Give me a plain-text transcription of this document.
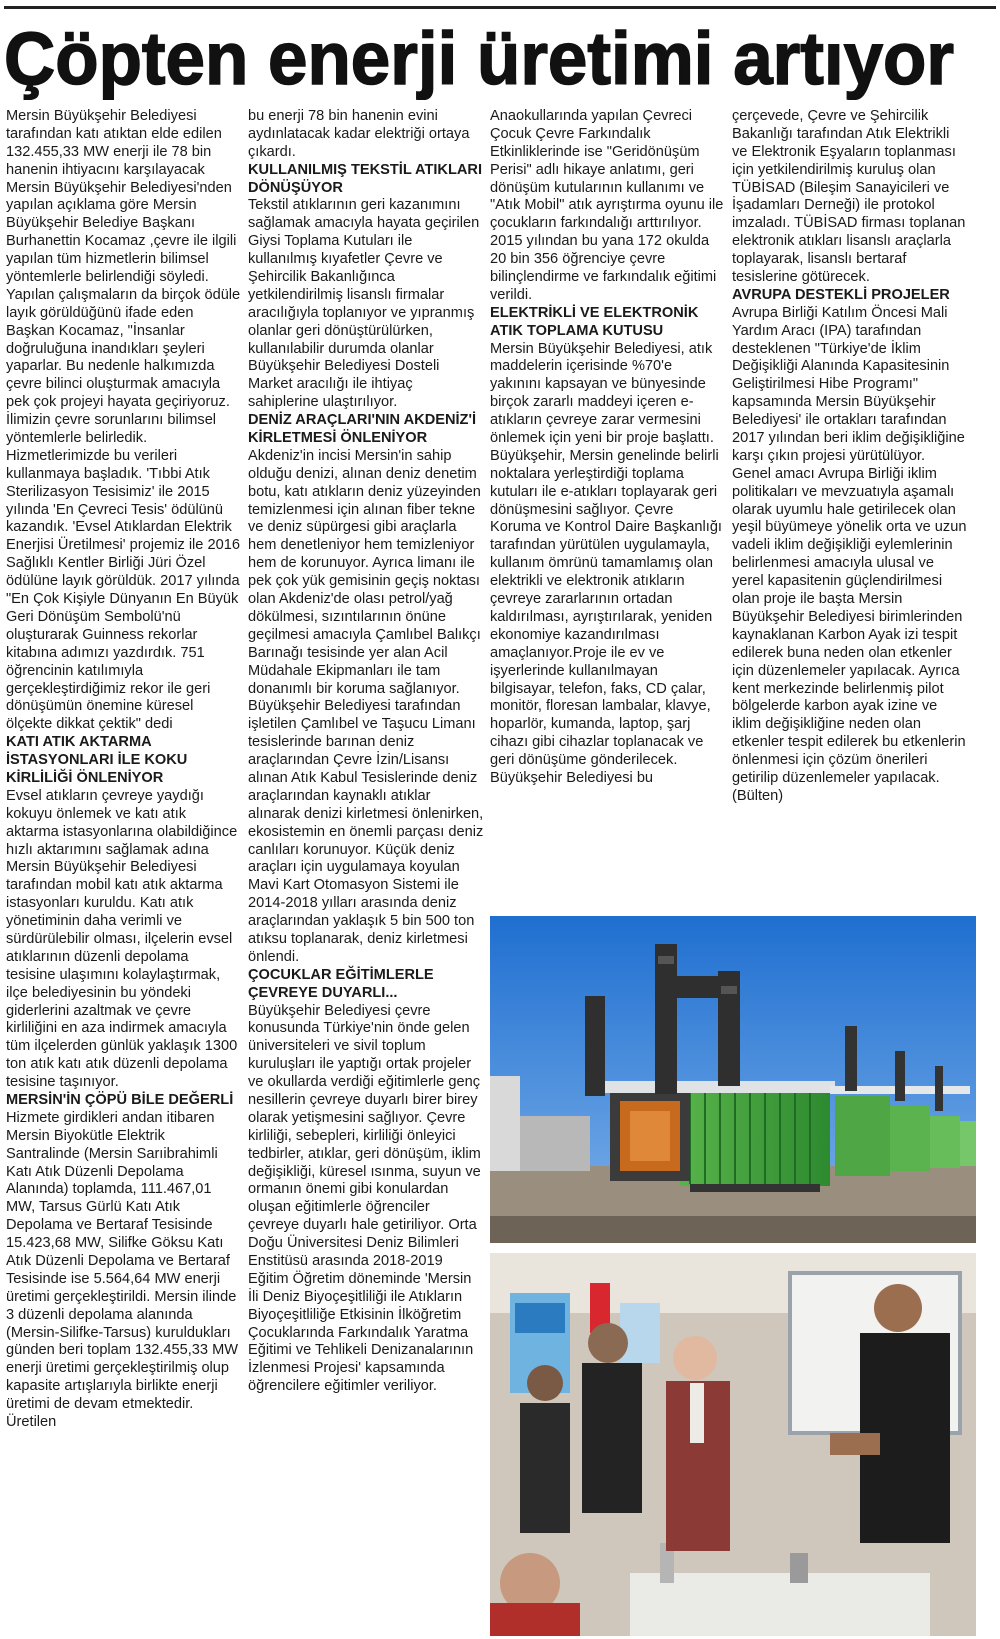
Çöpten enerji üretimi artıyor

Mersin Büyükşehir Belediyesi tarafından katı atıktan elde edilen 132.455,33 MW enerji ile 78 bin hanenin ihtiyacını karşılayacak Mersin Büyükşehir Belediyesi'nden yapılan açıklama göre Mersin Büyükşehir Belediye Başkanı Burhanettin Kocamaz ,çevre ile ilgili yapılan tüm hizmetlerin bilimsel yöntemlerle belirlendiği söyledi. Yapılan çalışmaların da birçok ödüle layık görüldüğünü ifade eden Başkan Kocamaz, "İnsanlar doğruluğuna inandıkları şeyleri yaparlar. Bu nedenle halkımızda çevre bilinci oluşturmak amacıyla pek çok projeyi hayata geçiriyoruz. İlimizin çevre sorunlarını bilimsel yöntemlerle belirledik. Hizmetlerimizde bu verileri kullanmaya başladık. 'Tıbbi Atık Sterilizasyon Tesisimiz' ile 2015 yılında 'En Çevreci Tesis' ödülünü kazandık. 'Evsel Atıklardan Elektrik Enerjisi Üretilmesi' projemiz ile 2016 Sağlıklı Kentler Birliği Jüri Özel ödülüne layık görüldük. 2017 yılında "En Çok Kişiyle Dünyanın En Büyük Geri Dönüşüm Sembolü'nü oluşturarak Guinness rekorlar kitabına adımızı yazdırdık. 751 öğrencinin katılımıyla gerçekleştirdiğimiz rekor ile geri dönüşümün önemine küresel ölçekte dikkat çektik" dedi

KATI ATIK AKTARMA İSTASYONLARI İLE KOKU KİRLİLİĞİ ÖNLENİYOR

Evsel atıkların çevreye yaydığı kokuyu önlemek ve katı atık aktarma istasyonlarına olabildiğince hızlı aktarımını sağlamak adına Mersin Büyükşehir Belediyesi tarafından mobil katı atık aktarma istasyonları kuruldu. Katı atık yönetiminin daha verimli ve sürdürülebilir olması, ilçelerin evsel atıklarının düzenli depolama tesisine ulaşımını kolaylaştırmak, ilçe belediyesinin bu yöndeki giderlerini azaltmak ve çevre kirliliğini en aza indirmek amacıyla tüm ilçelerden günlük yaklaşık 1300 ton atık katı atık düzenli depolama tesisine taşınıyor.

MERSİN'İN ÇÖPÜ BİLE DEĞERLİ

Hizmete girdikleri andan itibaren Mersin Biyokütle Elektrik Santralinde (Mersin Sarıibrahimli Katı Atık Düzenli Depolama Alanında) toplamda, 111.467,01 MW, Tarsus Gürlü Katı Atık Depolama ve Bertaraf Tesisinde 15.423,68 MW, Silifke Göksu Katı Atık Düzenli Depolama ve Bertaraf Tesisinde ise 5.564,64 MW enerji üretimi gerçekleştirildi. Mersin ilinde 3 düzenli depolama alanında (Mersin-Silifke-Tarsus) kuruldukları günden beri toplam 132.455,33 MW enerji üretimi gerçekleştirilmiş olup kapasite artışlarıyla birlikte enerji üretimi de devam etmektedir. Üretilen

bu enerji 78 bin hanenin evini aydınlatacak kadar elektriği ortaya çıkardı.

KULLANILMIŞ TEKSTİL ATIKLARI DÖNÜŞÜYOR

Tekstil atıklarının geri kazanımını sağlamak amacıyla hayata geçirilen Giysi Toplama Kutuları ile kullanılmış kıyafetler Çevre ve Şehircilik Bakanlığınca yetkilendirilmiş lisanslı firmalar aracılığıyla toplanıyor ve yıpranmış olanlar geri dönüştürülürken, kullanılabilir durumda olanlar Büyükşehir Belediyesi Dosteli Market aracılığı ile ihtiyaç sahiplerine ulaştırılıyor.

DENİZ ARAÇLARI'NIN AKDENİZ'İ KİRLETMESİ ÖNLENİYOR

Akdeniz'in incisi Mersin'in sahip olduğu denizi, alınan deniz denetim botu, katı atıkların deniz yüzeyinden temizlenmesi için alınan fiber tekne ve deniz süpürgesi gibi araçlarla hem denetleniyor hem temizleniyor hem de korunuyor. Ayrıca limanı ile pek çok yük gemisinin geçiş noktası olan Akdeniz'de olası petrol/yağ dökülmesi, sızıntılarının önüne geçilmesi amacıyla Çamlıbel Balıkçı Barınağı tesisinde yer alan Acil Müdahale Ekipmanları ile tam donanımlı bir koruma sağlanıyor. Büyükşehir Belediyesi tarafından işletilen Çamlıbel ve Taşucu Limanı tesislerinde barınan deniz araçlarından Çevre İzin/Lisansı alınan Atık Kabul Tesislerinde deniz araçlarından kaynaklı atıklar alınarak denizi kirletmesi önlenirken, ekosistemin en önemli parçası deniz canlıları korunuyor. Küçük deniz araçları için uygulamaya koyulan Mavi Kart Otomasyon Sistemi ile 2014-2018 yılları arasında deniz araçlarından yaklaşık 5 bin 500 ton atıksu toplanarak, deniz kirletmesi önlendi.

ÇOCUKLAR EĞİTİMLERLE ÇEVREYE DUYARLI...

Büyükşehir Belediyesi çevre konusunda Türkiye'nin önde gelen üniversiteleri ve sivil toplum kuruluşları ile yaptığı ortak projeler ve okullarda verdiği eğitimlerle genç nesillerin çevreye duyarlı birer birey olarak yetişmesini sağlıyor. Çevre kirliliği, sebepleri, kirliliği önleyici tedbirler, atıklar, geri dönüşüm, iklim değişikliği, küresel ısınma, suyun ve ormanın önemi gibi konulardan oluşan eğitimlerle öğrenciler çevreye duyarlı hale getiriliyor. Orta Doğu Üniversitesi Deniz Bilimleri Enstitüsü arasında 2018-2019 Eğitim Öğretim döneminde 'Mersin İli Deniz Biyoçeşitliliği ile Atıkların Biyoçeşitliliğe Etkisinin İlköğretim Çocuklarında Farkındalık Yaratma Eğitimi ve Tehlikeli Denizanalarının İzlenmesi Projesi' kapsamında öğrencilere eğitimler veriliyor.

Anaokullarında yapılan Çevreci Çocuk Çevre Farkındalık Etkinliklerinde ise "Geridönüşüm Perisi" adlı hikaye anlatımı, geri dönüşüm kutularının kullanımı ve "Atık Mobil" atık ayrıştırma oyunu ile çocukların farkındalığı arttırılıyor. 2015 yılından bu yana 172 okulda 20 bin 356 öğrenciye çevre bilinçlendirme ve farkındalık eğitimi verildi.

ELEKTRİKLİ VE ELEKTRONİK ATIK TOPLAMA KUTUSU

Mersin Büyükşehir Belediyesi, atık maddelerin içerisinde %70'e yakınını kapsayan ve bünyesinde birçok zararlı maddeyi içeren e- atıkların çevreye zarar vermesini önlemek için yeni bir proje başlattı. Büyükşehir, Mersin genelinde belirli noktalara yerleştirdiği toplama kutuları ile e-atıkları toplayarak geri dönüşmesini sağlıyor. Çevre Koruma ve Kontrol Daire Başkanlığı tarafından yürütülen uygulamayla, kullanım ömrünü tamamlamış olan elektrikli ve elektronik atıkların çevreye zararlarının ortadan kaldırılması, ayrıştırılarak, yeniden ekonomiye kazandırılması amaçlanıyor.Proje ile ev ve işyerlerinde kullanılmayan bilgisayar, telefon, faks, CD çalar, monitör, floresan lambalar, klavye, hoparlör, kumanda, laptop, şarj cihazı gibi cihazlar toplanacak ve geri dönüşüme gönderilecek. Büyükşehir Belediyesi bu

çerçevede, Çevre ve Şehircilik Bakanlığı tarafından Atık Elektrikli ve Elektronik Eşyaların toplanması için yetkilendirilmiş kuruluş olan TÜBİSAD (Bileşim Sanayicileri ve İşadamları Derneği) ile protokol imzaladı. TÜBİSAD firması toplanan elektronik atıkları lisanslı araçlarla toplayarak, lisanslı bertaraf tesislerine götürecek.

AVRUPA DESTEKLİ PROJELER

Avrupa Birliği Katılım Öncesi Mali Yardım Aracı (IPA) tarafından desteklenen "Türkiye'de İklim Değişikliği Alanında Kapasitesinin Geliştirilmesi Hibe Programı" kapsamında Mersin Büyükşehir Belediyesi' ile ortakları tarafından 2017 yılından beri iklim değişikliğine karşı çıkın projesi yürütülüyor. Genel amacı Avrupa Birliği iklim politikaları ve mevzuatıyla aşamalı olarak uyumlu hale getirilecek olan yeşil büyümeye yönelik orta ve uzun vadeli iklim değişikliği eylemlerinin belirlenmesi amacıyla ulusal ve yerel kapasitenin güçlendirilmesi olan proje ile başta Mersin Büyükşehir Belediyesi birimlerinden kaynaklanan Karbon Ayak izi tespit edilerek buna neden olan etkenler için düzenlemeler yapılacak. Ayrıca kent merkezinde belirlenmiş pilot bölgelerde karbon ayak izine ve iklim değişikliğine neden olan etkenler tespit edilerek bu etkenlerin önlenmesi için çözüm önerileri getirilip düzenlemeler yapılacak. (Bülten)
